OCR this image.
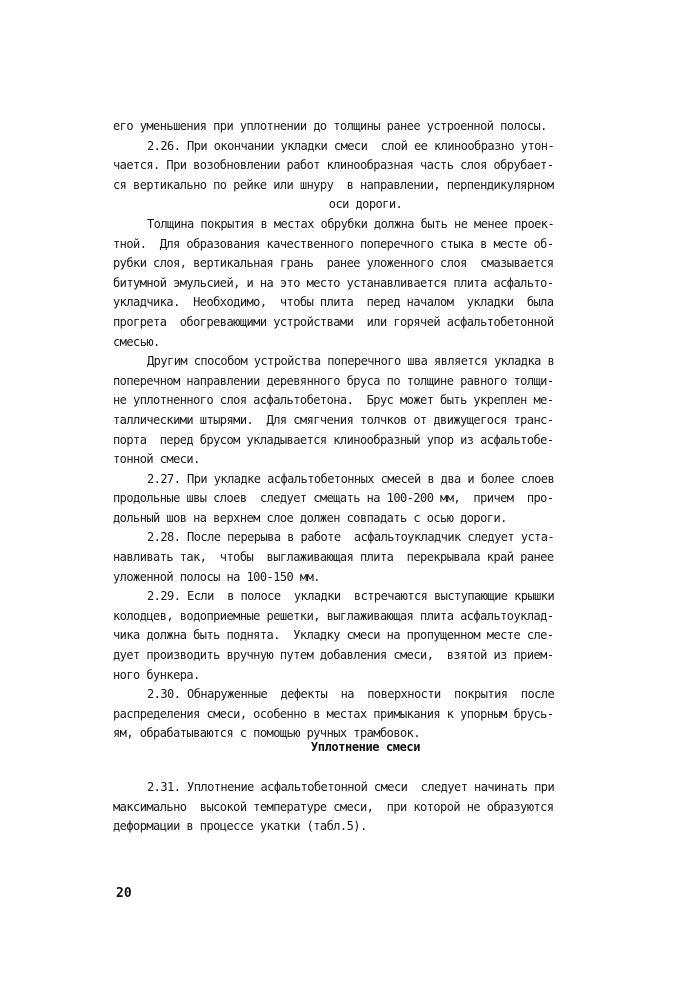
его уменьшения при уплотнении до толщины ранее устроенной полосы.
2.26. При окончании укладки смеси  слой ее клинообразно утон-
чается. При возобновлении работ клинообразная часть слоя обрубает-
ся вертикально по рейке или шнуру  в направлении, перпендикулярном
оси дороги.
Толщина покрытия в местах обрубки должна быть не менее проек-
тной.  Для образования качественного поперечного стыка в месте об-
рубки слоя, вертикальная грань  ранее уложенного слоя  смазывается
битумной эмульсией, и на это место устанавливается плита асфальто-
укладчика.  Необходимо,  чтобы плита  перед началом  укладки  была
прогрета  обогревающими устройствами  или горячей асфальтобетонной
смесью.
Другим способом устройства поперечного шва является укладка в
поперечном направлении деревянного бруса по толщине равного толщи-
не уплотненного слоя асфальтобетона.  Брус может быть укреплен ме-
таллическими штырями.  Для смягчения толчков от движущегося транс-
порта  перед брусом укладывается клинообразный упор из асфальтобе-
тонной смеси.
2.27. При укладке асфальтобетонных смесей в два и более слоев
продольные швы слоев  следует смещать на 100-200 мм,  причем  про-
дольный шов на верхнем слое должен совпадать с осью дороги.
2.28. После перерыва в работе  асфальтоукладчик следует уста-
навливать так,  чтобы  выглаживающая плита  перекрывала край ранее
уложенной полосы на 100-150 мм.
2.29. Если  в полосе  укладки  встречаются выступающие крышки
колодцев, водоприемные решетки, выглаживающая плита асфальтоуклад-
чика должна быть поднята.  Укладку смеси на пропущенном месте сле-
дует производить вручную путем добавления смеси,  взятой из прием-
ного бункера.
2.30. Обнаруженные  дефекты  на  поверхности  покрытия  после
распределения смеси, особенно в местах примыкания к упорным брусь-
ям, обрабатываются с помощью ручных трамбовок.
Уплотнение смеси
2.31. Уплотнение асфальтобетонной смеси  следует начинать при
максимально  высокой температуре смеси,  при которой не образуются
деформации в процессе укатки (табл.5).
20
